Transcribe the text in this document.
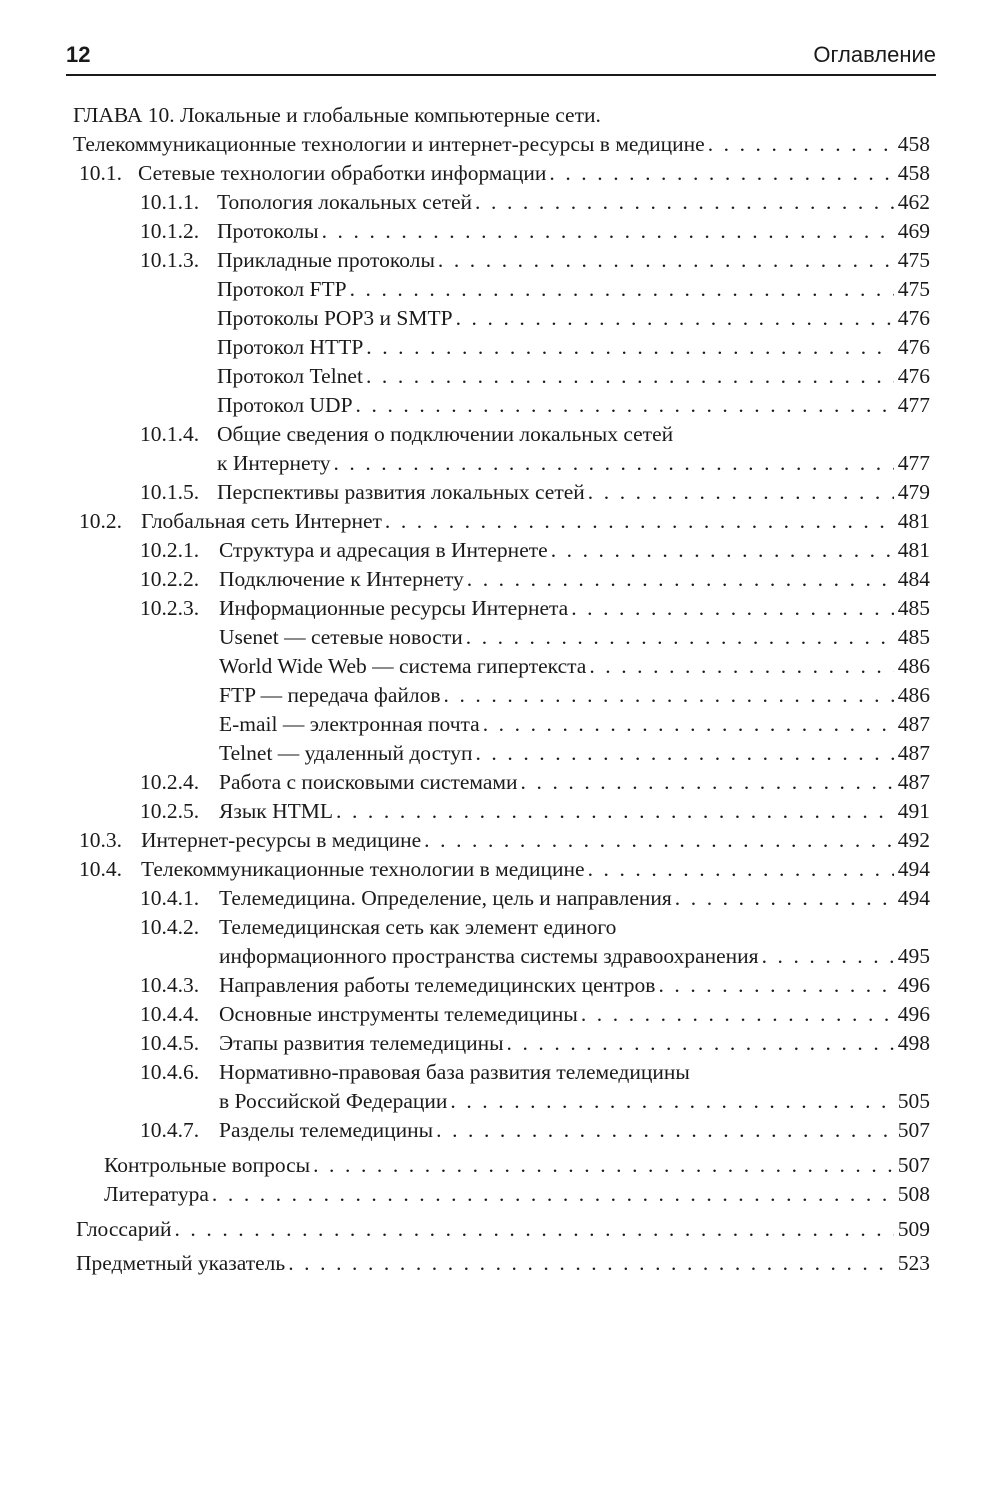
12	Оглавление
ГЛАВА 10. Локальные и глобальные компьютерные сети.
Телекоммуникационные технологии и интернет-ресурсы в медицине . . .	458
10.1. Сетевые технологии обработки информации . . .	458
10.1.1. Топология локальных сетей . . .	462
10.1.2. Протоколы . . .	469
10.1.3. Прикладные протоколы . . .	475
Протокол FTP . . .	475
Протоколы POP3 и SMTP . . .	476
Протокол HTTP . . .	476
Протокол Telnet . . .	476
Протокол UDP . . .	477
10.1.4. Общие сведения о подключении локальных сетей
к Интернету . . .	477
10.1.5. Перспективы развития локальных сетей . . .	479
10.2. Глобальная сеть Интернет . . .	481
10.2.1. Структура и адресация в Интернете . . .	481
10.2.2. Подключение к Интернету . . .	484
10.2.3. Информационные ресурсы Интернета . . .	485
Usenet — сетевые новости . . .	485
World Wide Web — система гипертекста . . .	486
FTP — передача файлов . . .	486
E-mail — электронная почта . . .	487
Telnet — удаленный доступ . . .	487
10.2.4. Работа с поисковыми системами . . .	487
10.2.5. Язык HTML . . .	491
10.3. Интернет-ресурсы в медицине . . .	492
10.4. Телекоммуникационные технологии в медицине . . .	494
10.4.1. Телемедицина. Определение, цель и направления . . .	494
10.4.2. Телемедицинская сеть как элемент единого
информационного пространства системы здравоохранения . . .	495
10.4.3. Направления работы телемедицинских центров . . .	496
10.4.4. Основные инструменты телемедицины . . .	496
10.4.5. Этапы развития телемедицины . . .	498
10.4.6. Нормативно-правовая база развития телемедицины
в Российской Федерации . . .	505
10.4.7. Разделы телемедицины . . .	507
Контрольные вопросы . . .	507
Литература . . .	508
Глоссарий . . .	509
Предметный указатель . . .	523
